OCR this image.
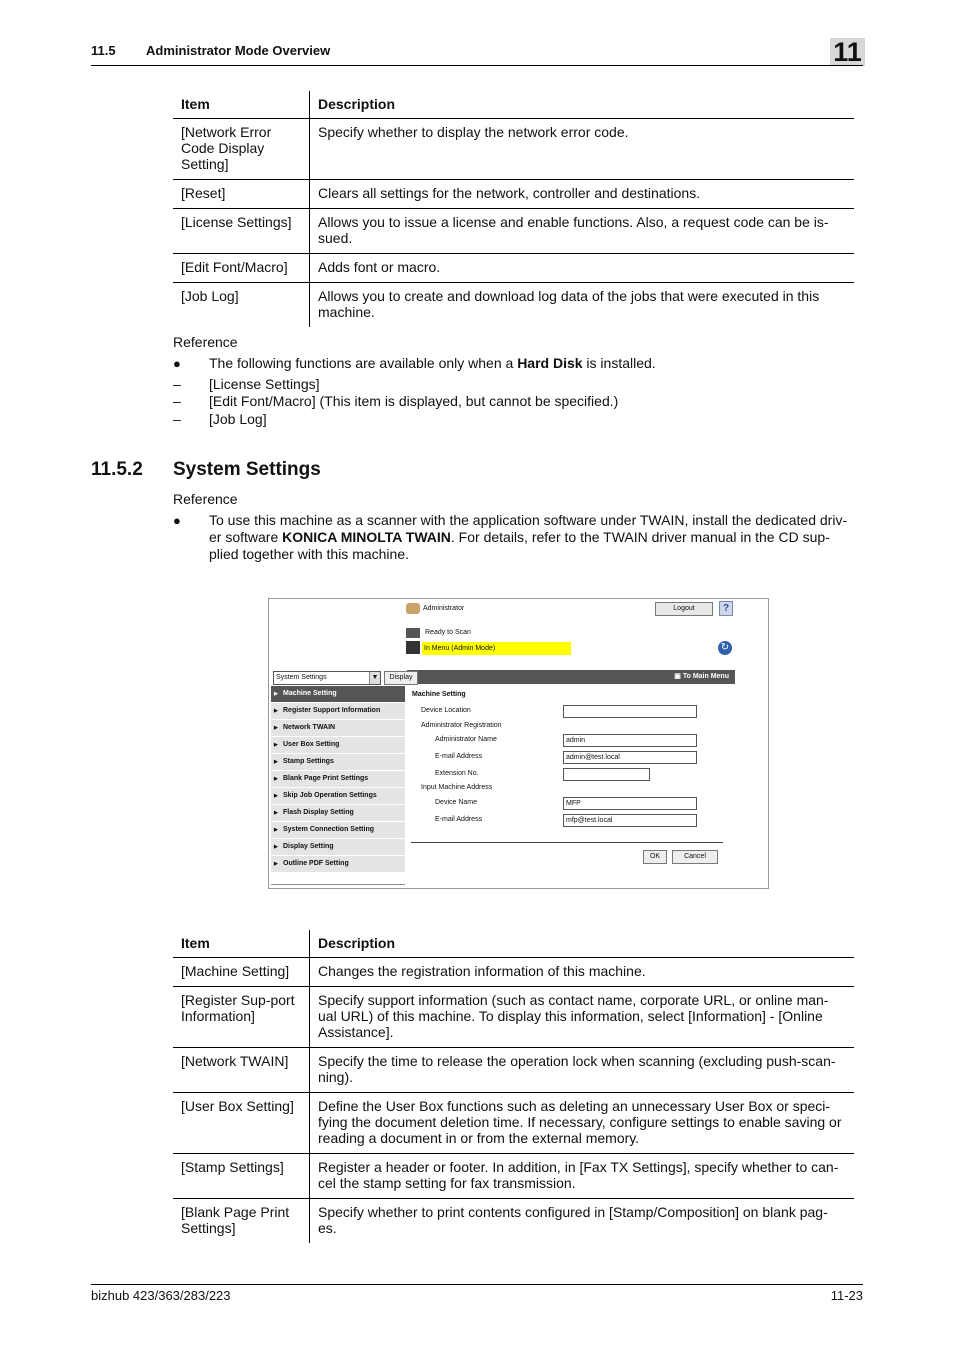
11.5 Administrator Mode Overview	11
Item	Description
[Network Error Code Display Setting]	Specify whether to display the network error code.
[Reset]	Clears all settings for the network, controller and destinations.
[License Settings]	Allows you to issue a license and enable functions. Also, a request code can be is-sued.
[Edit Font/Macro]	Adds font or macro.
[Job Log]	Allows you to create and download log data of the jobs that were executed in this machine.
Reference
● The following functions are available only when a Hard Disk is installed.
– [License Settings]
– [Edit Font/Macro] (This item is displayed, but cannot be specified.)
– [Job Log]
11.5.2 System Settings
Reference
● To use this machine as a scanner with the application software under TWAIN, install the dedicated driv-
er software KONICA MINOLTA TWAIN. For details, refer to the TWAIN driver manual in the CD sup-
plied together with this machine.
Administrator	Logout	?
Ready to Scan
In Menu (Admin Mode)	↻
▣ To Main Menu
System Settings	▼	Display
▶ Machine Setting
▶ Register Support Information
▶ Network TWAIN
▶ User Box Setting
▶ Stamp Settings
▶ Blank Page Print Settings
▶ Skip Job Operation Settings
▶ Flash Display Setting
▶ System Connection Setting
▶ Display Setting
▶ Outline PDF Setting
Machine Setting
Device Location
Administrator Registration
Administrator Name	admin
E-mail Address	admin@test.local
Extension No.
Input Machine Address
Device Name	MFP
E-mail Address	mfp@test.local
OK	Cancel
Item	Description
[Machine Setting]	Changes the registration information of this machine.
[Register Sup-port Information]	Specify support information (such as contact name, corporate URL, or online man-ual URL) of this machine. To display this information, select [Information] - [Online Assistance].
[Network TWAIN]	Specify the time to release the operation lock when scanning (excluding push-scan-ning).
[User Box Setting]	Define the User Box functions such as deleting an unnecessary User Box or speci-fying the document deletion time. If necessary, configure settings to enable saving or reading a document in or from the external memory.
[Stamp Settings]	Register a header or footer. In addition, in [Fax TX Settings], specify whether to can-cel the stamp setting for fax transmission.
[Blank Page Print Settings]	Specify whether to print contents configured in [Stamp/Composition] on blank pag-es.
bizhub 423/363/283/223	11-23
